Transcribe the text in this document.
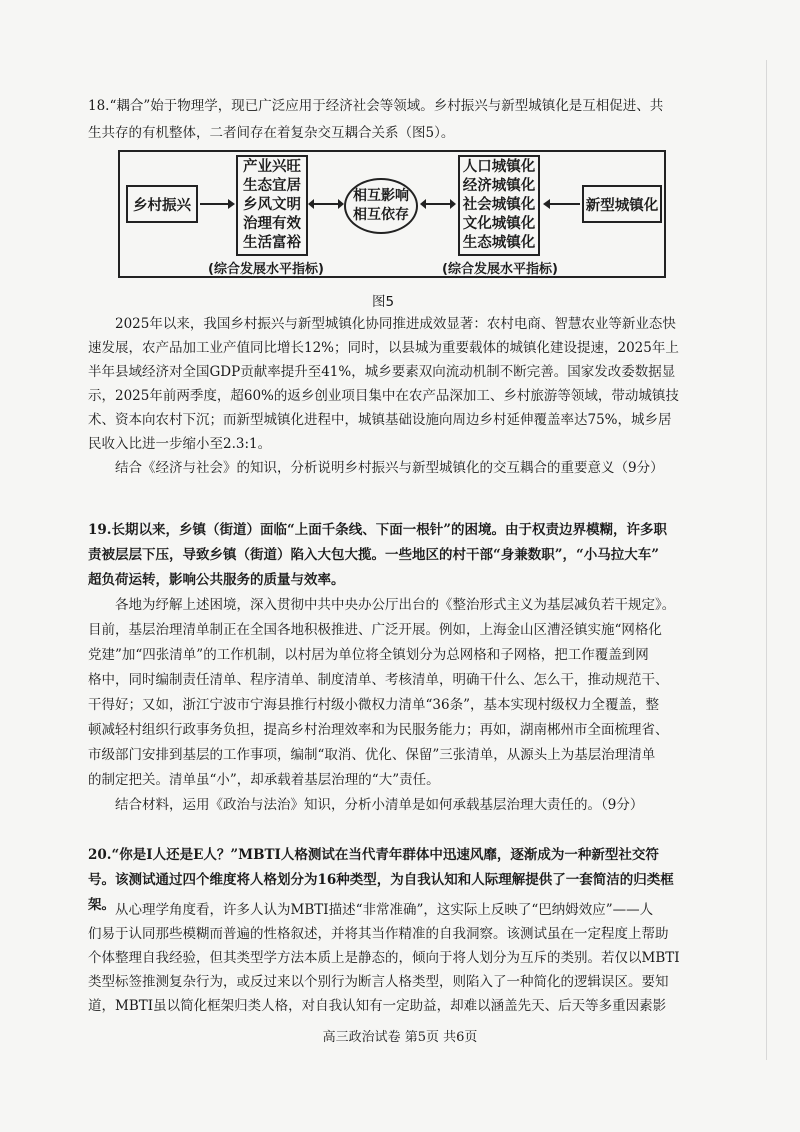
18.“耦合”始于物理学，现已广泛应用于经济社会等领域。乡村振兴与新型城镇化是互相促进、共
生共存的有机整体，二者间存在着复杂交互耦合关系（图5）。
乡村振兴
产业兴旺
生态宜居
乡风文明
治理有效
生活富裕
相互影响
相互依存
人口城镇化
经济城镇化
社会城镇化
文化城镇化
生态城镇化
新型城镇化
(综合发展水平指标)	(综合发展水平指标)
图5
2025年以来，我国乡村振兴与新型城镇化协同推进成效显著：农村电商、智慧农业等新业态快
速发展，农产品加工业产值同比增长12%；同时，以县城为重要载体的城镇化建设提速，2025年上
半年县域经济对全国GDP贡献率提升至41%，城乡要素双向流动机制不断完善。国家发改委数据显
示，2025年前两季度，超60%的返乡创业项目集中在农产品深加工、乡村旅游等领域，带动城镇技
术、资本向农村下沉；而新型城镇化进程中，城镇基础设施向周边乡村延伸覆盖率达75%，城乡居
民收入比进一步缩小至2.3:1。
结合《经济与社会》的知识，分析说明乡村振兴与新型城镇化的交互耦合的重要意义（9分）
19.长期以来，乡镇（街道）面临“上面千条线、下面一根针”的困境。由于权责边界模糊，许多职
责被层层下压，导致乡镇（街道）陷入大包大揽。一些地区的村干部“身兼数职”，“小马拉大车”
超负荷运转，影响公共服务的质量与效率。
各地为纾解上述困境，深入贯彻中共中央办公厅出台的《整治形式主义为基层减负若干规定》。
目前，基层治理清单制正在全国各地积极推进、广泛开展。例如，上海金山区漕泾镇实施“网格化
党建”加“四张清单”的工作机制，以村居为单位将全镇划分为总网格和子网格，把工作覆盖到网
格中，同时编制责任清单、程序清单、制度清单、考核清单，明确干什么、怎么干，推动规范干、
干得好；又如，浙江宁波市宁海县推行村级小微权力清单“36条”，基本实现村级权力全覆盖，整
顿减轻村组织行政事务负担，提高乡村治理效率和为民服务能力；再如，湖南郴州市全面梳理省、
市级部门安排到基层的工作事项，编制“取消、优化、保留”三张清单，从源头上为基层治理清单
的制定把关。清单虽“小”，却承载着基层治理的“大”责任。
结合材料，运用《政治与法治》知识，分析小清单是如何承载基层治理大责任的。（9分）
20.“你是I人还是E人？”MBTI人格测试在当代青年群体中迅速风靡，逐渐成为一种新型社交符
号。该测试通过四个维度将人格划分为16种类型，为自我认知和人际理解提供了一套简洁的归类框
架。 从心理学角度看，许多人认为MBTI描述“非常准确”，这实际上反映了“巴纳姆效应”——人
们易于认同那些模糊而普遍的性格叙述，并将其当作精准的自我洞察。该测试虽在一定程度上帮助
个体整理自我经验，但其类型学方法本质上是静态的，倾向于将人划分为互斥的类别。若仅以MBTI
类型标签推测复杂行为，或反过来以个别行为断言人格类型，则陷入了一种简化的逻辑误区。要知
道，MBTI虽以简化框架归类人格，对自我认知有一定助益，却难以涵盖先天、后天等多重因素影
高三政治试卷 第5页 共6页
